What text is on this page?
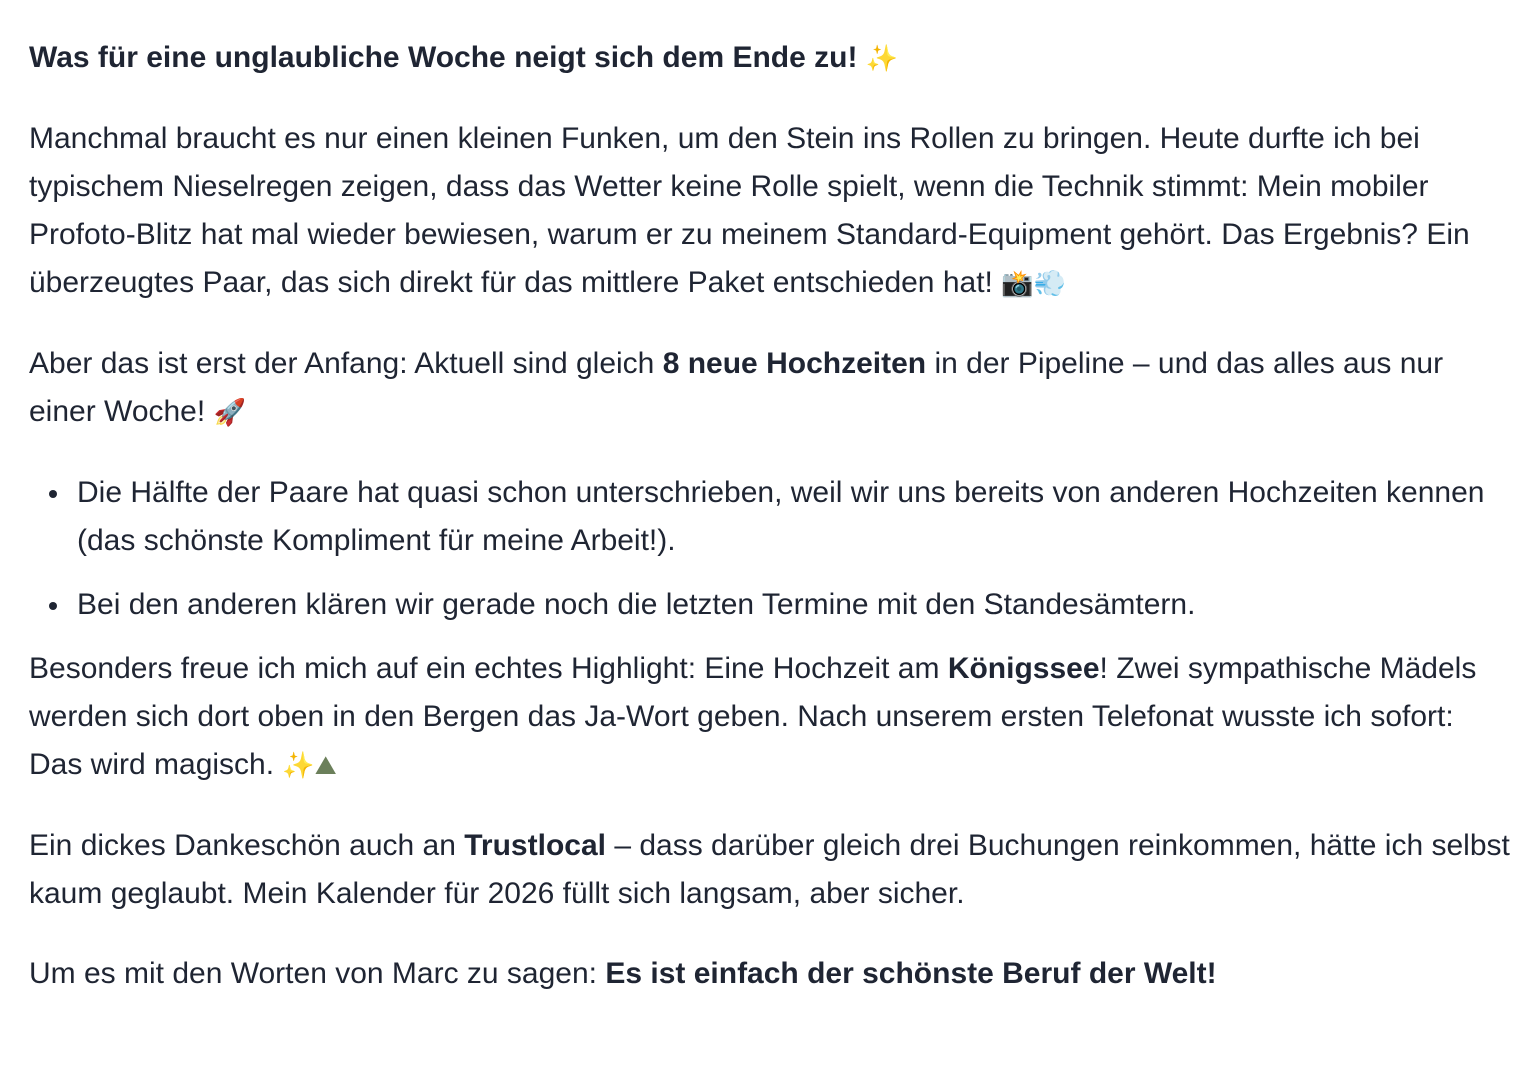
Was für eine unglaubliche Woche neigt sich dem Ende zu! ✨

Manchmal braucht es nur einen kleinen Funken, um den Stein ins Rollen zu bringen. Heute durfte ich bei typischem Nieselregen zeigen, dass das Wetter keine Rolle spielt, wenn die Technik stimmt: Mein mobiler Profoto-Blitz hat mal wieder bewiesen, warum er zu meinem Standard-Equipment gehört. Das Ergebnis? Ein überzeugtes Paar, das sich direkt für das mittlere Paket entschieden hat! 📸💨

Aber das ist erst der Anfang: Aktuell sind gleich 8 neue Hochzeiten in der Pipeline – und das alles aus nur einer Woche! 🚀

Die Hälfte der Paare hat quasi schon unterschrieben, weil wir uns bereits von anderen Hochzeiten kennen (das schönste Kompliment für meine Arbeit!).
Bei den anderen klären wir gerade noch die letzten Termine mit den Standesämtern.

Besonders freue ich mich auf ein echtes Highlight: Eine Hochzeit am Königssee! Zwei sympathische Mädels werden sich dort oben in den Bergen das Ja-Wort geben. Nach unserem ersten Telefonat wusste ich sofort: Das wird magisch. ✨⛰

Ein dickes Dankeschön auch an Trustlocal – dass darüber gleich drei Buchungen reinkommen, hätte ich selbst kaum geglaubt. Mein Kalender für 2026 füllt sich langsam, aber sicher.

Um es mit den Worten von Marc zu sagen: Es ist einfach der schönste Beruf der Welt!
